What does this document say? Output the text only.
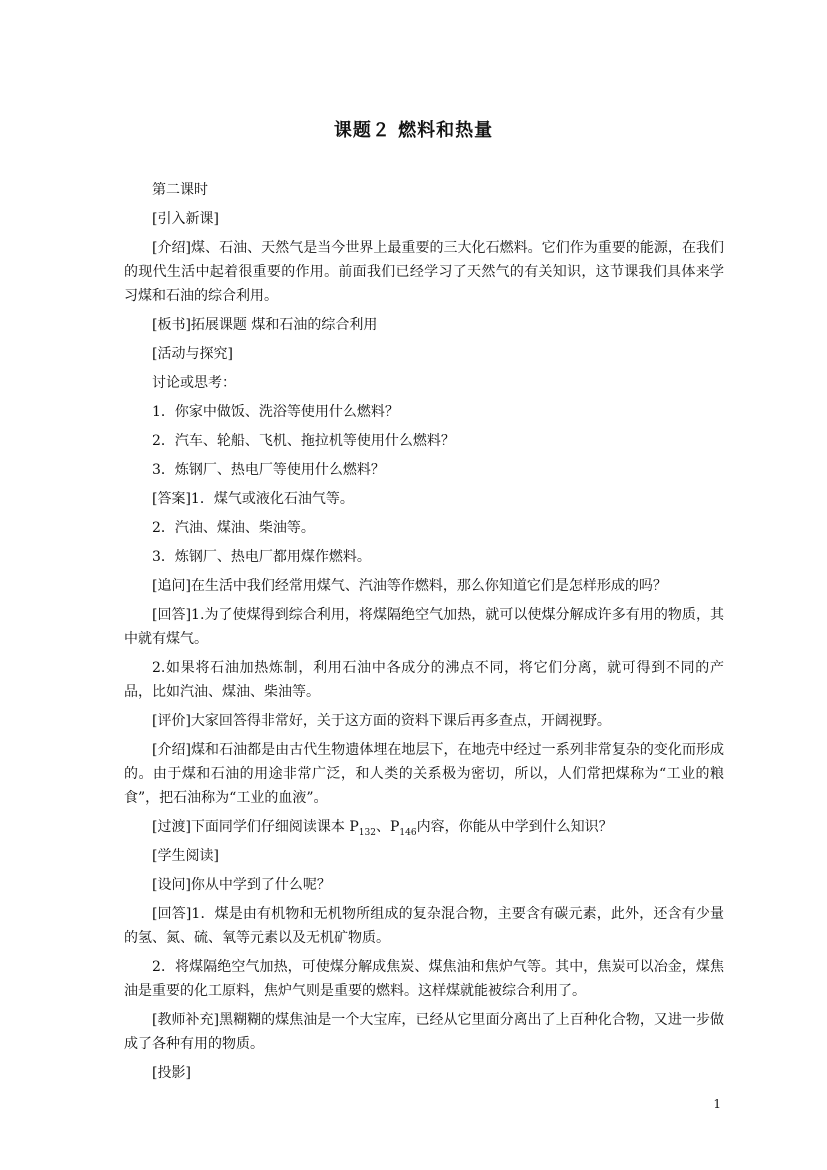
课题２ 燃料和热量

第二课时

[引入新课]

[介绍]煤、石油、天然气是当今世界上最重要的三大化石燃料。它们作为重要的能源，在我们的现代生活中起着很重要的作用。前面我们已经学习了天然气的有关知识，这节课我们具体来学习煤和石油的综合利用。

[板书]拓展课题 煤和石油的综合利用

[活动与探究]

讨论或思考：

1．你家中做饭、洗浴等使用什么燃料？

2．汽车、轮船、飞机、拖拉机等使用什么燃料？

3．炼钢厂、热电厂等使用什么燃料？

[答案]1．煤气或液化石油气等。

2．汽油、煤油、柴油等。

3．炼钢厂、热电厂都用煤作燃料。

[追问]在生活中我们经常用煤气、汽油等作燃料，那么你知道它们是怎样形成的吗？

[回答]1.为了使煤得到综合利用，将煤隔绝空气加热，就可以使煤分解成许多有用的物质，其中就有煤气。

2.如果将石油加热炼制，利用石油中各成分的沸点不同，将它们分离，就可得到不同的产品，比如汽油、煤油、柴油等。

[评价]大家回答得非常好，关于这方面的资料下课后再多查点，开阔视野。

[介绍]煤和石油都是由古代生物遗体埋在地层下，在地壳中经过一系列非常复杂的变化而形成的。由于煤和石油的用途非常广泛，和人类的关系极为密切，所以，人们常把煤称为“工业的粮食”，把石油称为“工业的血液”。

[过渡]下面同学们仔细阅读课本 $P_{132}$、$P_{146}$内容，你能从中学到什么知识？

[学生阅读]

[设问]你从中学到了什么呢？

[回答]1．煤是由有机物和无机物所组成的复杂混合物，主要含有碳元素，此外，还含有少量的氢、氮、硫、氧等元素以及无机矿物质。

2．将煤隔绝空气加热，可使煤分解成焦炭、煤焦油和焦炉气等。其中，焦炭可以冶金，煤焦油是重要的化工原料，焦炉气则是重要的燃料。这样煤就能被综合利用了。

[教师补充]黑糊糊的煤焦油是一个大宝库，已经从它里面分离出了上百种化合物，又进一步做成了各种有用的物质。

[投影]

1
